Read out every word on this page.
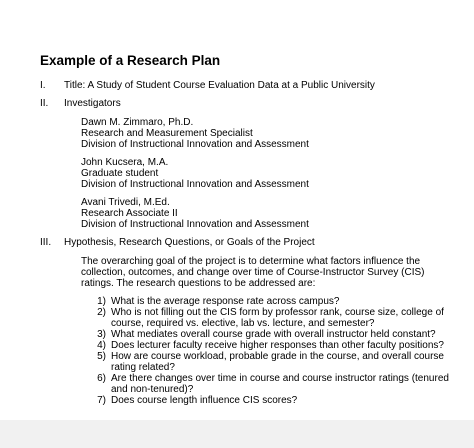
Example of a Research Plan
I. Title: A Study of Student Course Evaluation Data at a Public University
II. Investigators
Dawn M. Zimmaro, Ph.D.
Research and Measurement Specialist
Division of Instructional Innovation and Assessment
John Kucsera, M.A.
Graduate student
Division of Instructional Innovation and Assessment
Avani Trivedi, M.Ed.
Research Associate II
Division of Instructional Innovation and Assessment
III. Hypothesis, Research Questions, or Goals of the Project
The overarching goal of the project is to determine what factors influence the
collection, outcomes, and change over time of Course-Instructor Survey (CIS)
ratings. The research questions to be addressed are:
1) What is the average response rate across campus?
2) Who is not filling out the CIS form by professor rank, course size, college of
course, required vs. elective, lab vs. lecture, and semester?
3) What mediates overall course grade with overall instructor held constant?
4) Does lecturer faculty receive higher responses than other faculty positions?
5) How are course workload, probable grade in the course, and overall course
rating related?
6) Are there changes over time in course and course instructor ratings (tenured
and non-tenured)?
7) Does course length influence CIS scores?
